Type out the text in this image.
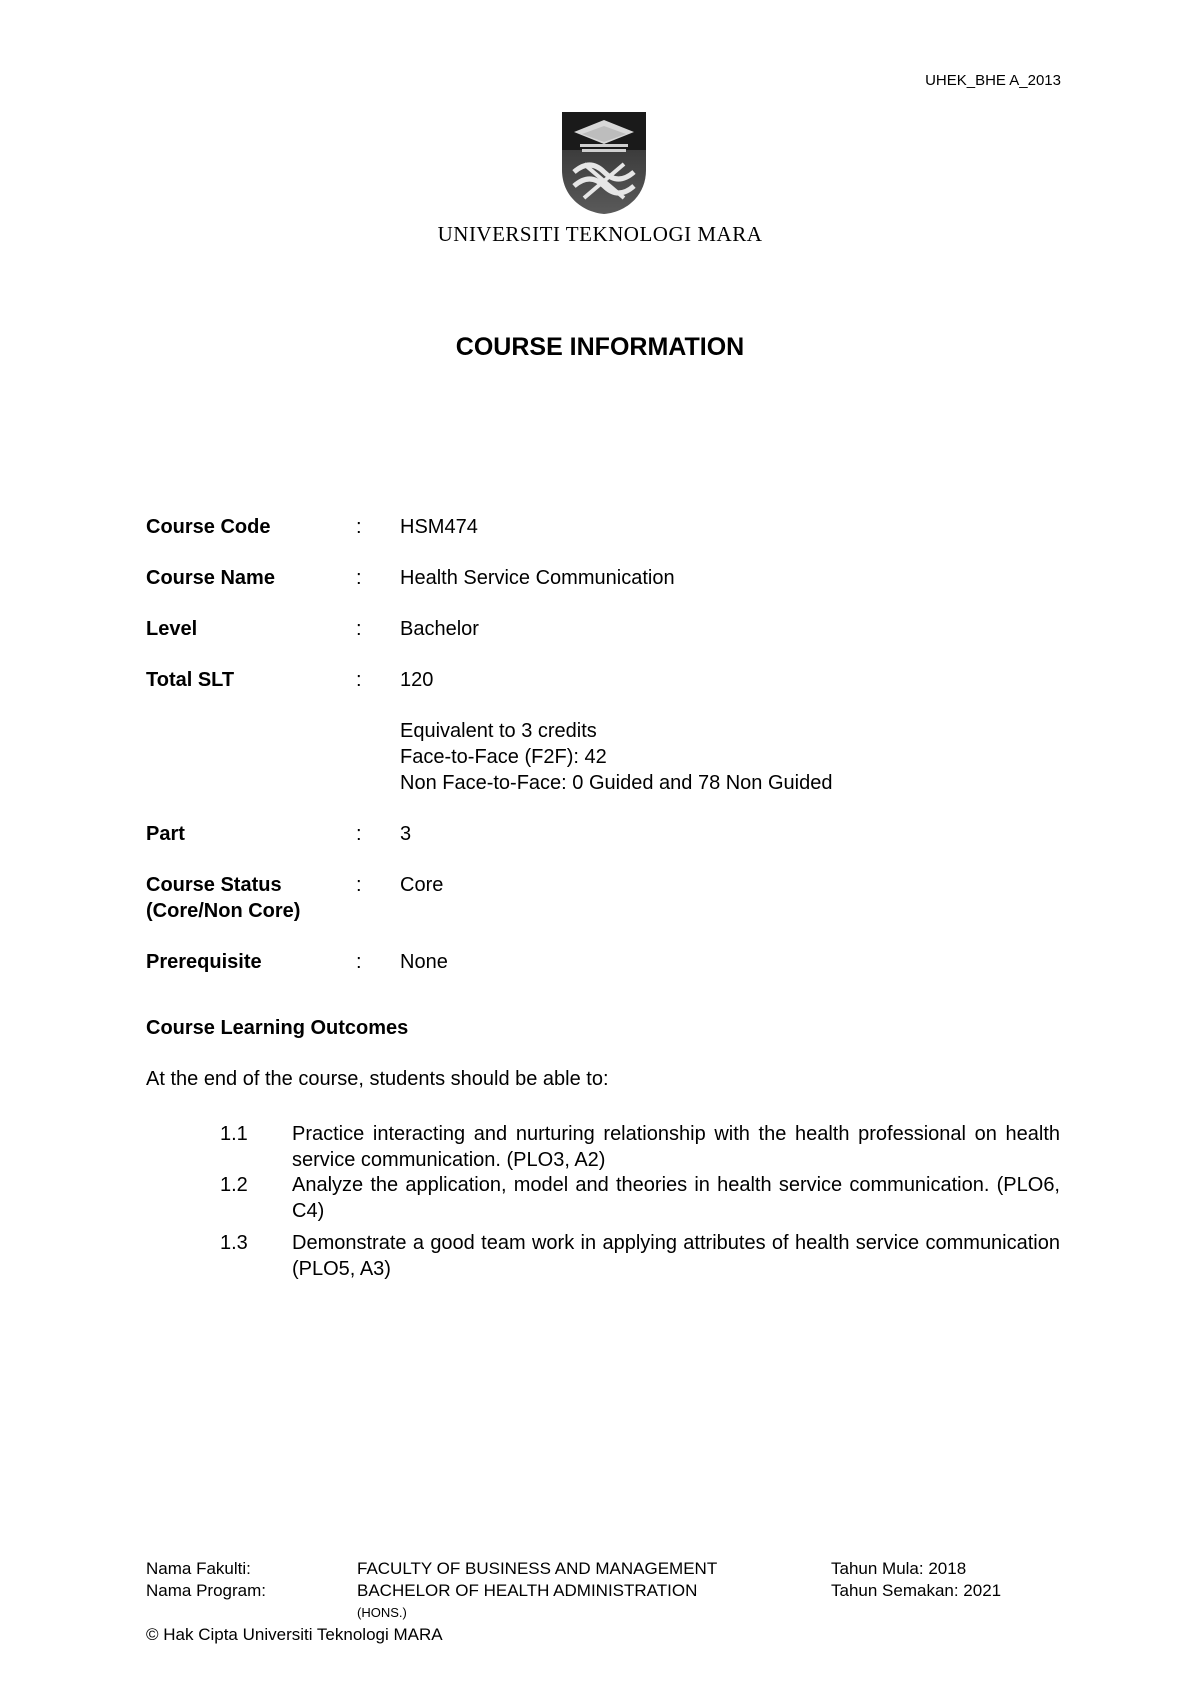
UHEK_BHE A_2013
UNIVERSITI TEKNOLOGI MARA
COURSE INFORMATION
Course Code	: HSM474
Course Name	: Health Service Communication
Level	: Bachelor
Total SLT	: 120
Equivalent to 3 credits
Face-to-Face (F2F): 42
Non Face-to-Face: 0 Guided and 78 Non Guided
Part	: 3
Course Status	: Core
(Core/Non Core)
Prerequisite	: None
Course Learning Outcomes
At the end of the course, students should be able to:
1.1 Practice interacting and nurturing relationship with the health professional on health service communication. (PLO3, A2)
1.2 Analyze the application, model and theories in health service communication. (PLO6, C4)
1.3 Demonstrate a good team work in applying attributes of health service communication (PLO5, A3)
Nama Fakulti:	FACULTY OF BUSINESS AND MANAGEMENT	Tahun Mula: 2018
Nama Program:	BACHELOR OF HEALTH ADMINISTRATION	Tahun Semakan: 2021
(HONS.)
© Hak Cipta Universiti Teknologi MARA
